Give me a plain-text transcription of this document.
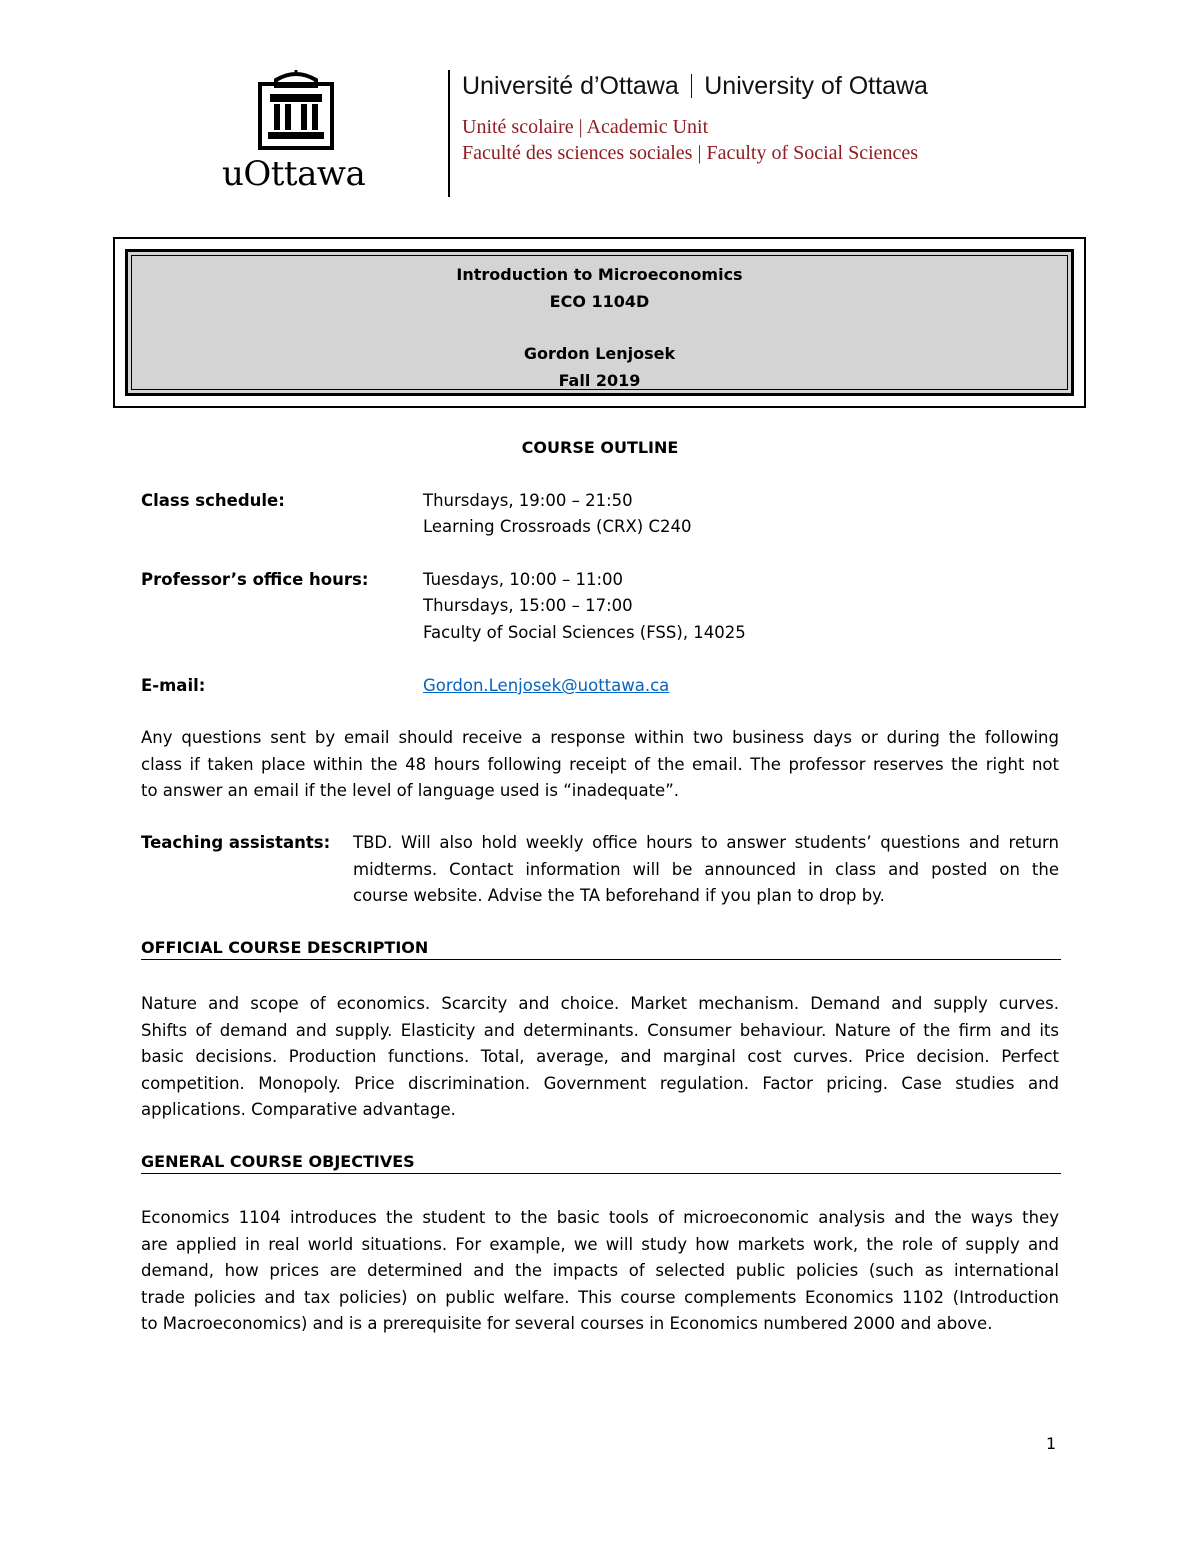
uOttawa
Université d’Ottawa University of Ottawa
Unité scolaire | Academic Unit
Faculté des sciences sociales | Faculty of Social Sciences
Introduction to Microeconomics
ECO 1104D
Gordon Lenjosek
Fall 2019
COURSE OUTLINE
Class schedule:	Thursdays, 19:00 – 21:50
Learning Crossroads (CRX) C240
Professor’s office hours:	Tuesdays, 10:00 – 11:00
Thursdays, 15:00 – 17:00
Faculty of Social Sciences (FSS), 14025
E-mail:	Gordon.Lenjosek@uottawa.ca
Any questions sent by email should receive a response within two business days or during the following
class if taken place within the 48 hours following receipt of the email. The professor reserves the right not
to answer an email if the level of language used is “inadequate”.
Teaching assistants: TBD. Will also hold weekly office hours to answer students’ questions and return
midterms. Contact information will be announced in class and posted on the
course website. Advise the TA beforehand if you plan to drop by.
OFFICIAL COURSE DESCRIPTION
Nature and scope of economics. Scarcity and choice. Market mechanism. Demand and supply curves.
Shifts of demand and supply. Elasticity and determinants. Consumer behaviour. Nature of the firm and its
basic decisions. Production functions. Total, average, and marginal cost curves. Price decision. Perfect
competition. Monopoly. Price discrimination. Government regulation. Factor pricing. Case studies and
applications. Comparative advantage.
GENERAL COURSE OBJECTIVES
Economics 1104 introduces the student to the basic tools of microeconomic analysis and the ways they
are applied in real world situations. For example, we will study how markets work, the role of supply and
demand, how prices are determined and the impacts of selected public policies (such as international
trade policies and tax policies) on public welfare. This course complements Economics 1102 (Introduction
to Macroeconomics) and is a prerequisite for several courses in Economics numbered 2000 and above.
1
